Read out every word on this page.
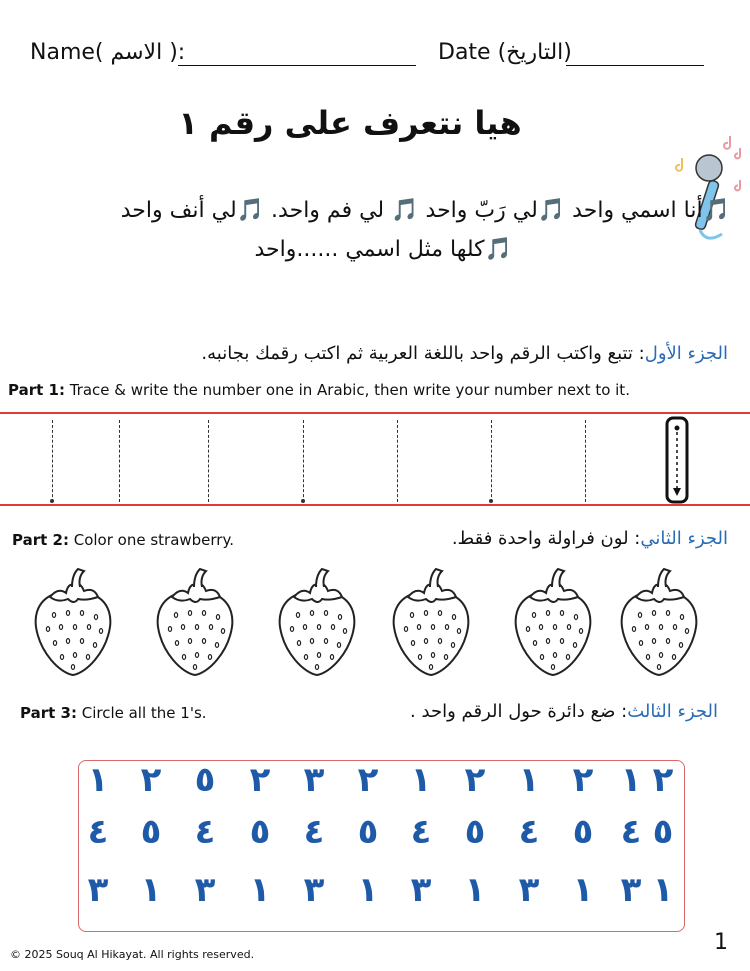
Name( الاسم ):	Date (التاريخ)
هيا نتعرف على رقم ١
🎵أنا اسمي واحد 🎵لي رَبّ واحد 🎵 لي فم واحد. 🎵لي أنف واحد
🎵كلها مثل اسمي ......واحد
الجزء الأول: تتبع واكتب الرقم واحد باللغة العربية ثم اكتب رقمك بجانبه.
Part 1: Trace & write the number one in Arabic, then write your number next to it.
Part 2: Color one strawberry.	الجزء الثاني: لون فراولة واحدة فقط.
Part 3: Circle all the 1's.	الجزء الثالث: ضع دائرة حول الرقم واحد .
١ ٢ ٥ ٢ ٣ ٢ ١ ٢ ١ ٢ ١ ٢
٤ ٥ ٤ ٥ ٤ ٥ ٤ ٥ ٤ ٥ ٤ ٥
٣ ١ ٣ ١ ٣ ١ ٣ ١ ٣ ١ ٣ ١
© 2025 Souq Al Hikayat. All rights reserved.	1
